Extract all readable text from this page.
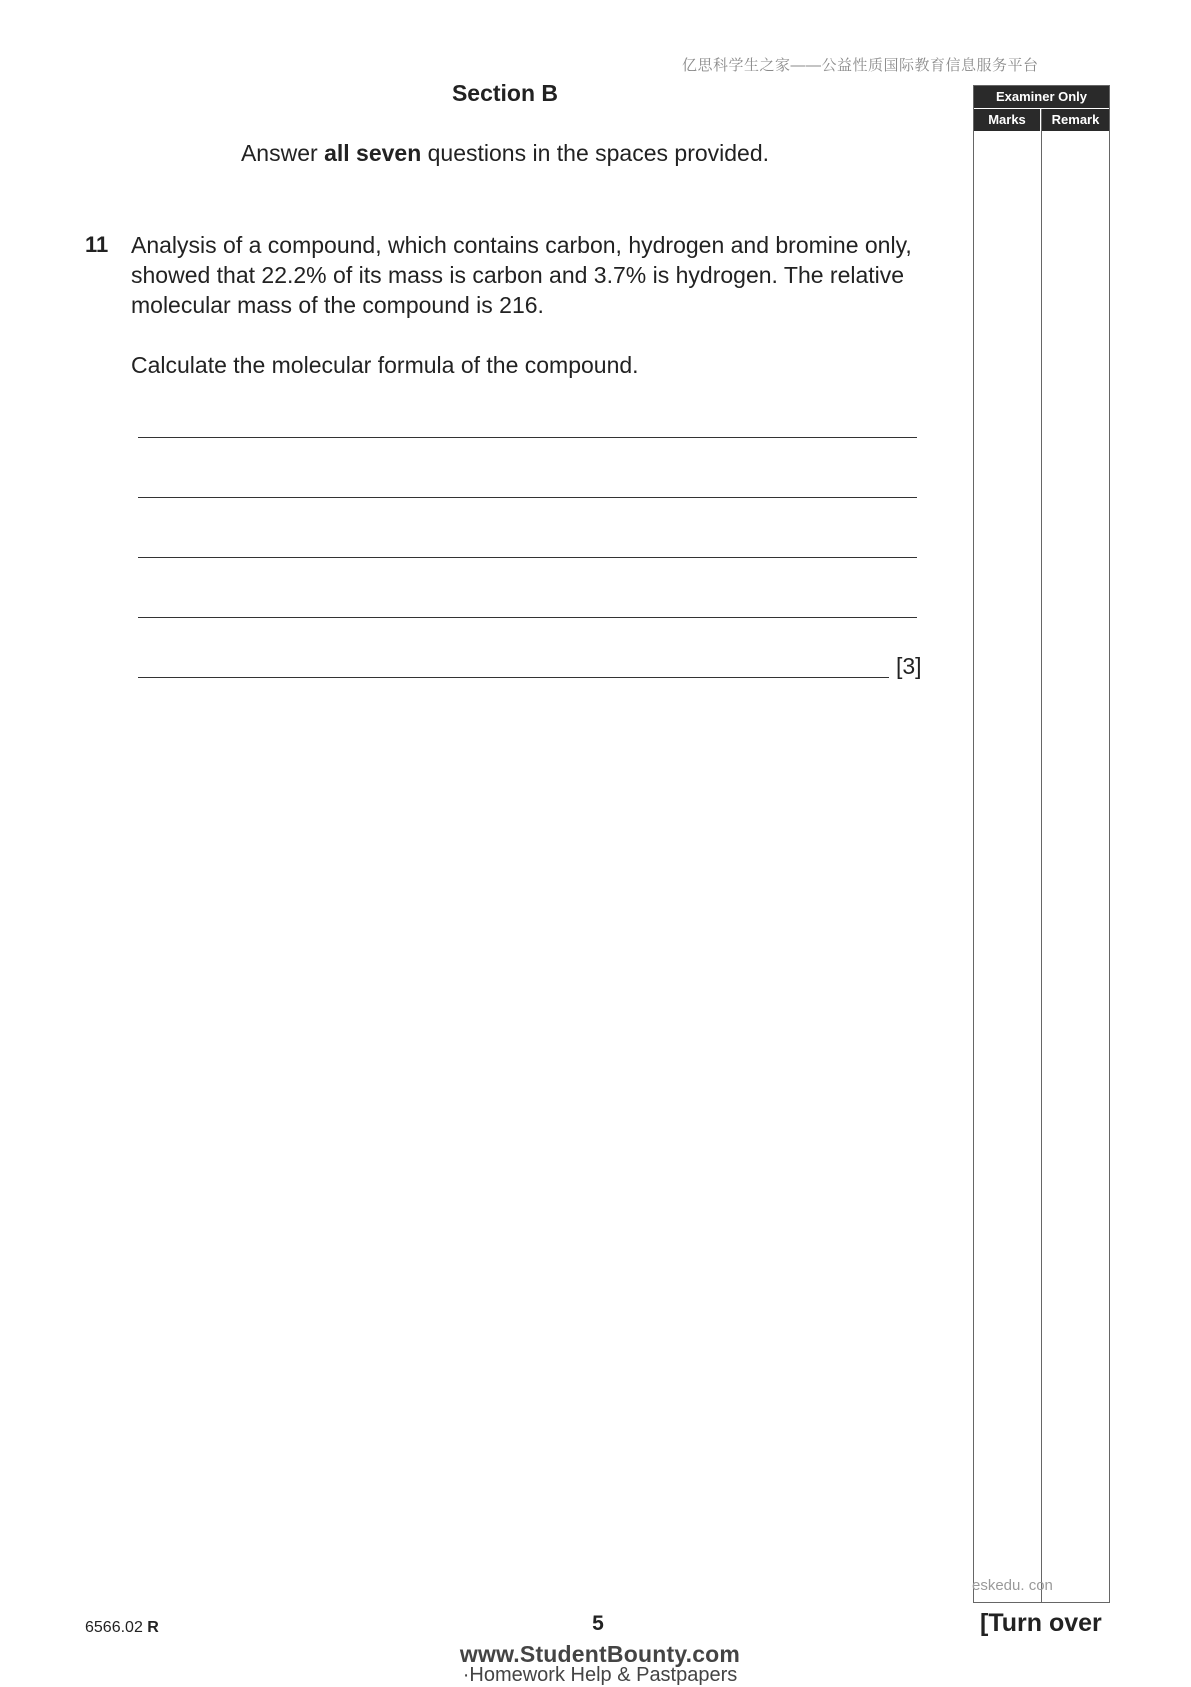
亿思科学生之家——公益性质国际教育信息服务平台
Section B
Answer all seven questions in the spaces provided.
11 Analysis of a compound, which contains carbon, hydrogen and bromine only, showed that 22.2% of its mass is carbon and 3.7% is hydrogen. The relative molecular mass of the compound is 216.

Calculate the molecular formula of the compound.

[3]
Examiner Only
Marks	Remark
eskedu. con
6566.02 R	5	[Turn over
www.StudentBounty.com
·Homework Help & Pastpapers
